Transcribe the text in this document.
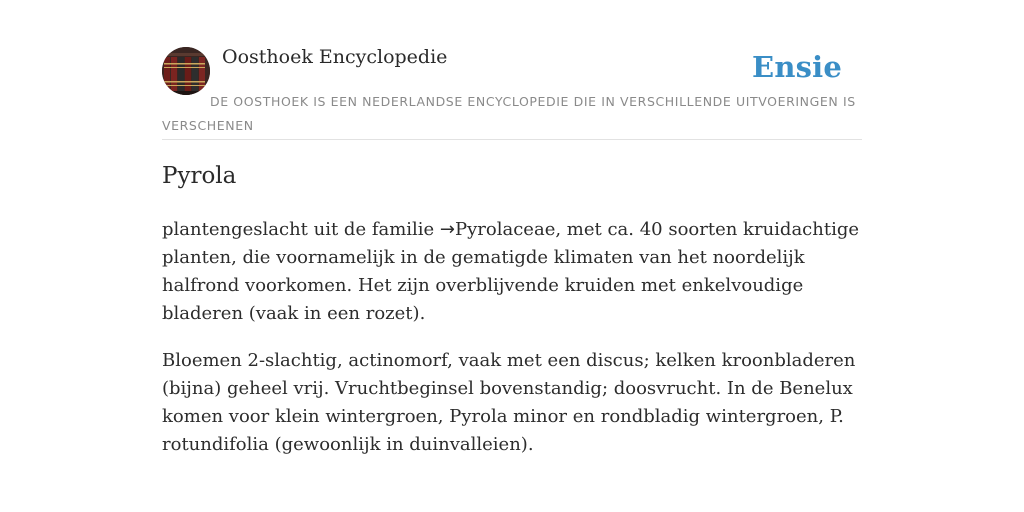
Oosthoek Encyclopedie	Ensie
DE OOSTHOEK IS EEN NEDERLANDSE ENCYCLOPEDIE DIE IN VERSCHILLENDE UITVOERINGEN IS VERSCHENEN
Pyrola

plantengeslacht uit de familie →Pyrolaceae, met ca. 40 soorten kruidachtige planten, die voornamelijk in de gematigde klimaten van het noordelijk halfrond voorkomen. Het zijn overblijvende kruiden met enkelvoudige bladeren (vaak in een rozet).

Bloemen 2-slachtig, actinomorf, vaak met een discus; kelken kroonbladeren (bijna) geheel vrij. Vruchtbeginsel bovenstandig; doosvrucht. In de Benelux komen voor klein wintergroen, Pyrola minor en rondbladig wintergroen, P. rotundifolia (gewoonlijk in duinvalleien).
